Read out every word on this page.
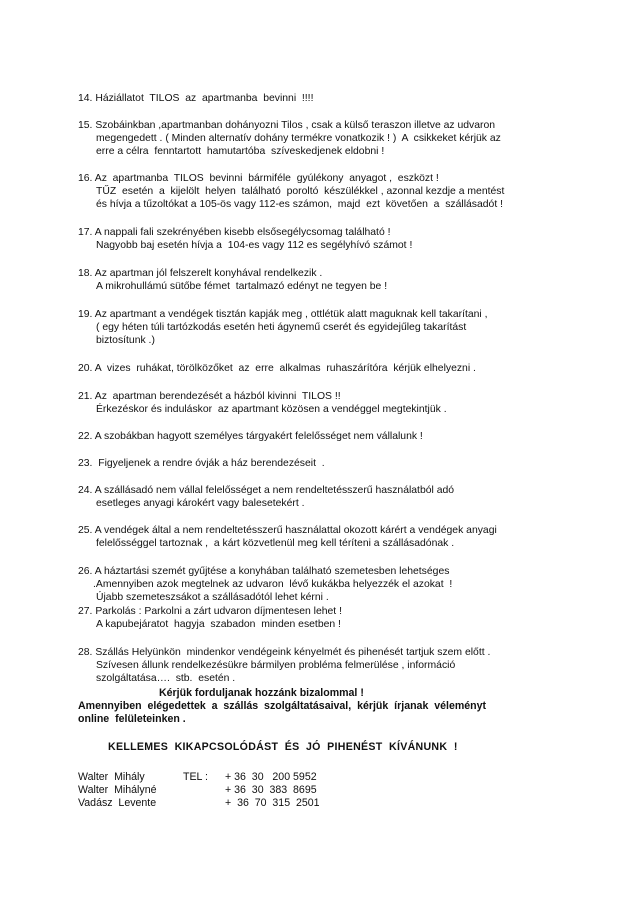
14. Háziállatot  TILOS  az  apartmanba  bevinni  !!!!
15. Szobáinkban ,apartmanban dohányozni Tilos , csak a külső teraszon illetve az udvaron
megengedett . ( Minden alternatív dohány termékre vonatkozik ! )  A  csikkeket kérjük az
erre a célra  fenntartott  hamutartóba  szíveskedjenek eldobni !
16. Az  apartmanba  TILOS  bevinni  bármiféle  gyúlékony  anyagot ,  eszközt !
TŰZ  esetén  a  kijelölt  helyen  található  poroltó  készülékkel , azonnal kezdje a mentést
és hívja a tűzoltókat a 105-ös vagy 112-es számon,  majd  ezt  követően  a  szállásadót !
17. A nappali fali szekrényében kisebb elsősegélycsomag található !
Nagyobb baj esetén hívja a  104-es vagy 112 es segélyhívó számot !
18. Az apartman jól felszerelt konyhával rendelkezik .
A mikrohullámú sütőbe fémet  tartalmazó edényt ne tegyen be !
19. Az apartmant a vendégek tisztán kapják meg , ottlétük alatt maguknak kell takarítani ,
( egy héten túli tartózkodás esetén heti ágynemű cserét és egyidejűleg takarítást
biztosítunk .)
20. A  vizes  ruhákat, törölközőket  az  erre  alkalmas  ruhaszárítóra  kérjük elhelyezni .
21. Az  apartman berendezését a házból kivinni  TILOS !!
Érkezéskor és induláskor  az apartmant közösen a vendéggel megtekintjük .
22. A szobákban hagyott személyes tárgyakért felelősséget nem vállalunk !
23.  Figyeljenek a rendre óvják a ház berendezéseit  .
24. A szállásadó nem vállal felelősséget a nem rendeltetésszerű használatból adó
esetleges anyagi károkért vagy balesetekért .
25. A vendégek által a nem rendeltetésszerű használattal okozott kárért a vendégek anyagi
felelősséggel tartoznak ,  a kárt közvetlenül meg kell téríteni a szállásadónak .
26. A háztartási szemét gyűjtése a konyhában található szemetesben lehetséges
.Amennyiben azok megtelnek az udvaron  lévő kukákba helyezzék el azokat  !
Újabb szemeteszsákot a szállásadótól lehet kérni .
27. Parkolás : Parkolni a zárt udvaron díjmentesen lehet !
A kapubejáratot  hagyja  szabadon  minden esetben !
28. Szállás Helyünkön  mindenkor vendégeink kényelmét és pihenését tartjuk szem előtt .
Szívesen állunk rendelkezésükre bármilyen probléma felmerülése , információ
szolgáltatása….  stb.  esetén .
Kérjük forduljanak hozzánk bizalommal !
Amennyiben  elégedettek  a  szállás  szolgáltatásaival,  kérjük  írjanak  véleményt
online  felületeinken .
KELLEMES  KIKAPCSOLÓDÁST  ÉS  JÓ  PIHENÉST  KÍVÁNUNK  !
Walter  Mihály	TEL :	+ 36  30   200 5952
Walter  Mihályné	+ 36  30  383  8695
Vadász  Levente	+  36  70  315  2501
